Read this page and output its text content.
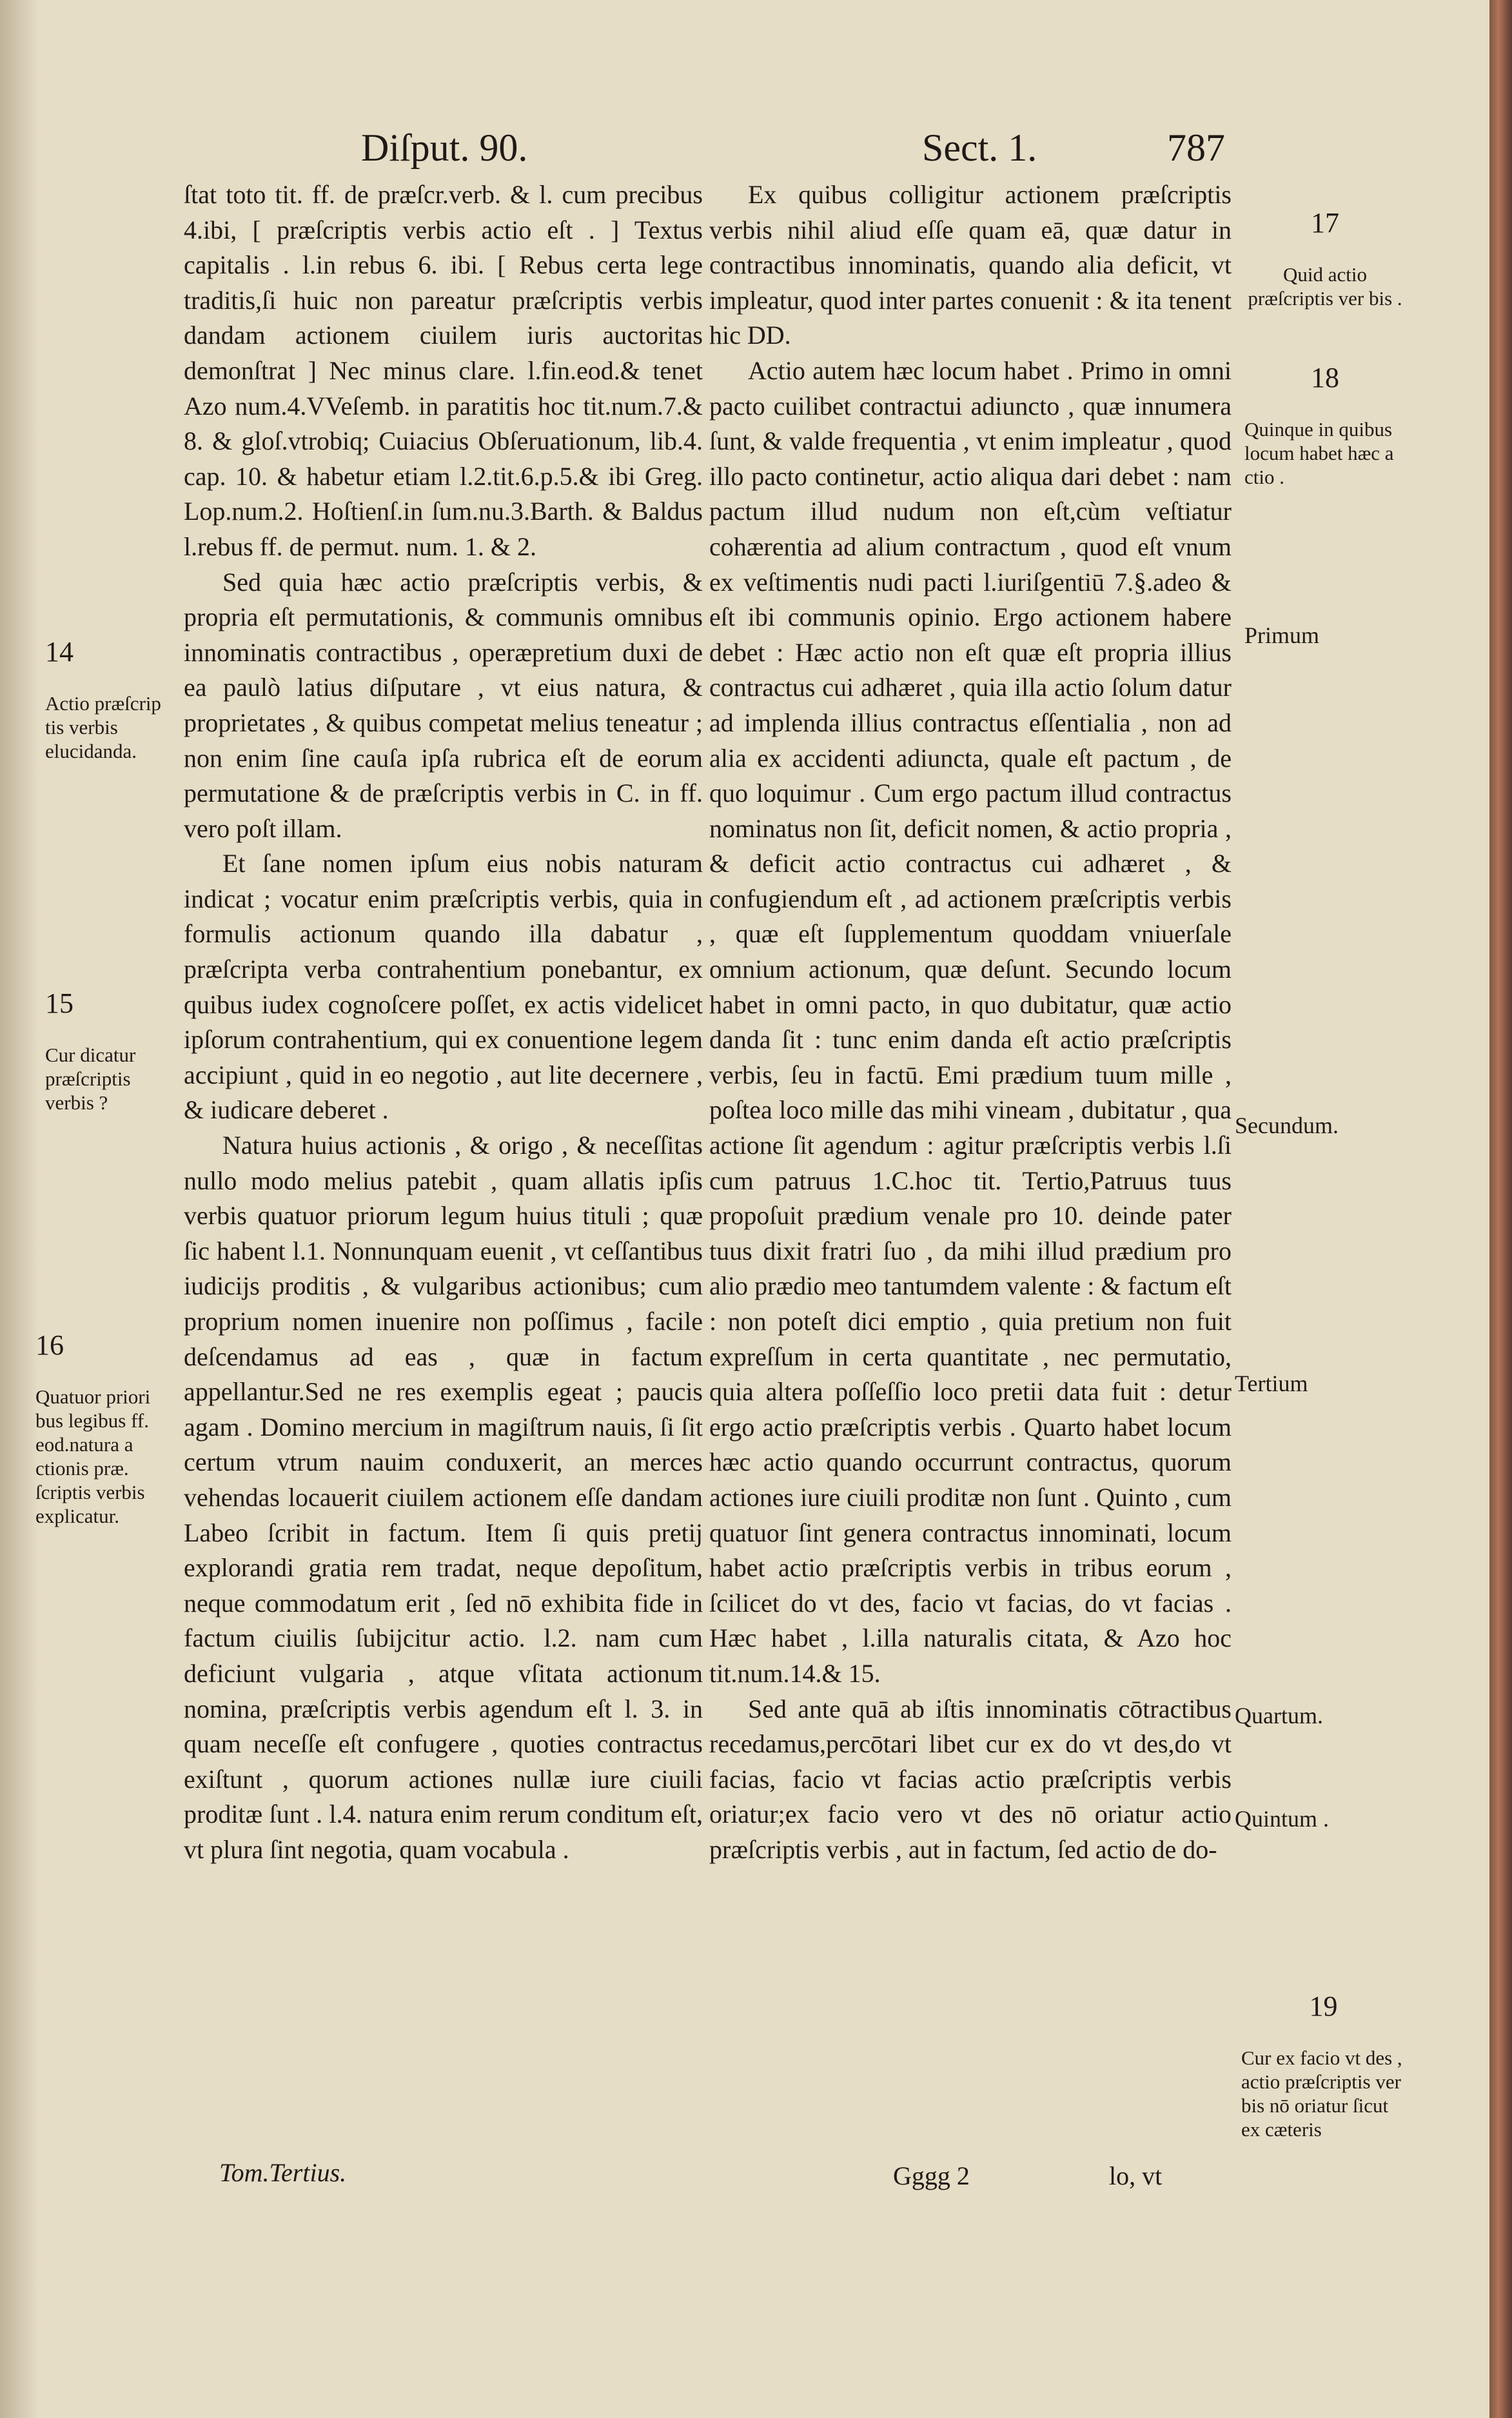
Diſput. 90.	Sect. 1.	787

ſtat toto tit. ff. de præſcr.verb. & l. cum precibus 4.ibi, [ præſcriptis verbis actio eſt . ] Textus capitalis . l.in rebus 6. ibi. [ Rebus certa lege traditis,ſi huic non pareatur præſcriptis verbis dandam actionem ciuilem iuris auctoritas demonſtrat ] Nec minus clare. l.fin.eod.& tenet Azo num.4.VVeſemb. in paratitis hoc tit.num.7.& 8. & gloſ.vtrobiq; Cuiacius Obſeruationum, lib.4. cap. 10. & habetur etiam l.2.tit.6.p.5.& ibi Greg. Lop.num.2. Hoſtienſ.in ſum.nu.3.Barth. & Baldus l.rebus ff. de permut. num. 1. & 2.

Sed quia hæc actio præſcriptis verbis, & propria eſt permutationis, & communis omnibus innominatis contractibus , operæpretium duxi de ea paulò latius diſputare , vt eius natura, & proprietates , & quibus competat melius teneatur ; non enim ſine cauſa ipſa rubrica eſt de eorum permutatione & de præſcriptis verbis in C. in ff. vero poſt illam.

Et ſane nomen ipſum eius nobis naturam indicat ; vocatur enim præſcriptis verbis, quia in formulis actionum quando illa dabatur , præſcripta verba contrahentium ponebantur, ex quibus iudex cognoſcere poſſet, ex actis videlicet ipſorum contrahentium, qui ex conuentione legem accipiunt , quid in eo negotio , aut lite decernere , & iudicare deberet .

Natura huius actionis , & origo , & neceſſitas nullo modo melius patebit , quam allatis ipſis verbis quatuor priorum legum huius tituli ; quæ ſic habent l.1. Nonnunquam euenit , vt ceſſantibus iudicijs proditis , & vulgaribus actionibus; cum proprium nomen inuenire non poſſimus , facile deſcendamus ad eas , quæ in factum appellantur.Sed ne res exemplis egeat ; paucis agam . Domino mercium in magiſtrum nauis, ſi ſit certum vtrum nauim conduxerit, an merces vehendas locauerit ciuilem actionem eſſe dandam Labeo ſcribit in factum. Item ſi quis pretij explorandi gratia rem tradat, neque depoſitum, neque commodatum erit , ſed nō exhibita fide in factum ciuilis ſubijcitur actio. l.2. nam cum deficiunt vulgaria , atque vſitata actionum nomina, præſcriptis verbis agendum eſt l. 3. in quam neceſſe eſt confugere , quoties contractus exiſtunt , quorum actiones nullæ iure ciuili proditæ ſunt . l.4. natura enim rerum conditum eſt, vt plura ſint negotia, quam vocabula .

Ex quibus colligitur actionem præſcriptis verbis nihil aliud eſſe quam eā, quæ datur in contractibus innominatis, quando alia deficit, vt impleatur, quod inter partes conuenit : & ita tenent hic DD.

Actio autem hæc locum habet . Primo in omni pacto cuilibet contractui adiuncto , quæ innumera ſunt, & valde frequentia , vt enim impleatur , quod illo pacto continetur, actio aliqua dari debet : nam pactum illud nudum non eſt,cùm veſtiatur cohærentia ad alium contractum , quod eſt vnum ex veſtimentis nudi pacti l.iuriſgentiū 7.§.adeo & eſt ibi communis opinio. Ergo actionem habere debet : Hæc actio non eſt quæ eſt propria illius contractus cui adhæret , quia illa actio ſolum datur ad implenda illius contractus eſſentialia , non ad alia ex accidenti adiuncta, quale eſt pactum , de quo loquimur . Cum ergo pactum illud contractus nominatus non ſit, deficit nomen, & actio propria , & deficit actio contractus cui adhæret , & confugiendum eſt , ad actionem præſcriptis verbis , quæ eſt ſupplementum quoddam vniuerſale omnium actionum, quæ deſunt. Secundo locum habet in omni pacto, in quo dubitatur, quæ actio danda ſit : tunc enim danda eſt actio præſcriptis verbis, ſeu in factū. Emi prædium tuum mille , poſtea loco mille das mihi vineam , dubitatur , qua actione ſit agendum : agitur præſcriptis verbis l.ſi cum patruus 1.C.hoc tit. Tertio,Patruus tuus propoſuit prædium venale pro 10. deinde pater tuus dixit fratri ſuo , da mihi illud prædium pro alio prædio meo tantumdem valente : & factum eſt : non poteſt dici emptio , quia pretium non fuit expreſſum in certa quantitate , nec permutatio, quia altera poſſeſſio loco pretii data fuit : detur ergo actio præſcriptis verbis . Quarto habet locum hæc actio quando occurrunt contractus, quorum actiones iure ciuili proditæ non ſunt . Quinto , cum quatuor ſint genera contractus innominati, locum habet actio præſcriptis verbis in tribus eorum , ſcilicet do vt des, facio vt facias, do vt facias . Hæc habet , l.illa naturalis citata, & Azo hoc tit.num.14.& 15.

Sed ante quā ab iſtis innominatis cōtractibus recedamus,percōtari libet cur ex do vt des,do vt facias, facio vt facias actio præſcriptis verbis oriatur;ex facio vero vt des nō oriatur actio præſcriptis verbis , aut in factum, ſed actio de do-

14

Actio præſcrip tis verbis elucidanda.

15

Cur dicatur præſcriptis verbis ?

16

Quatuor priori bus legibus ff. eod.natura a ctionis præ. ſcriptis verbis explicatur.

17

Quid actio præſcriptis ver bis .

18

Quinque in quibus locum habet hæc a ctio .

Primum

Secundum.

Tertium

Quartum.

Quintum .

19

Cur ex facio vt des , actio præſcriptis ver bis nō oriatur ſicut ex cæteris

Tom.Tertius.	Gggg 2	lo, vt
